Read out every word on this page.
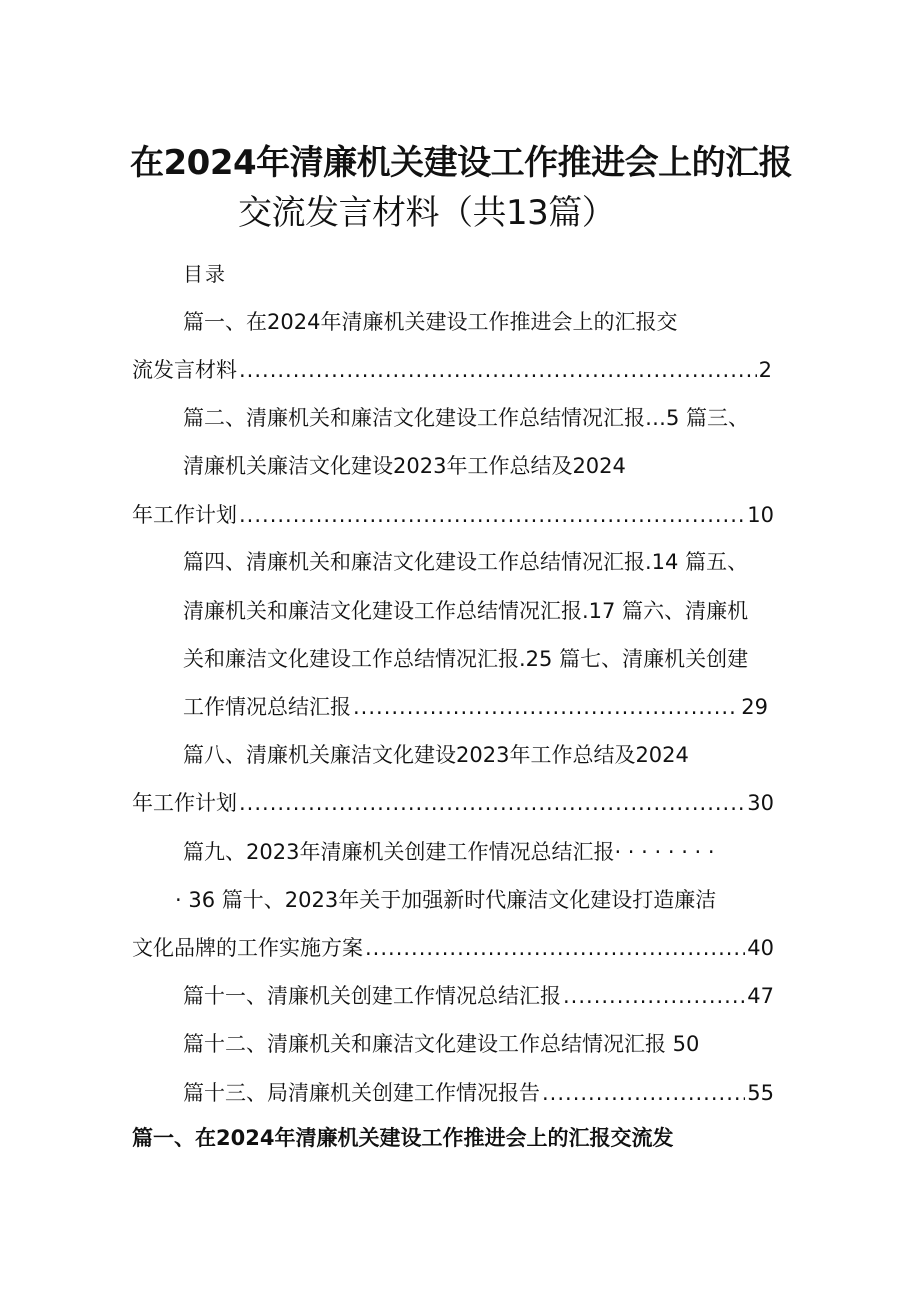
在2024年清廉机关建设工作推进会上的汇报
交流发言材料（共13篇）
目录
篇一、在2024年清廉机关建设工作推进会上的汇报交
流发言材料 .....	2
篇二、清廉机关和廉洁文化建设工作总结情况汇报…5 篇三、
清廉机关廉洁文化建设2023年工作总结及2024
年工作计划 .....	10
篇四、清廉机关和廉洁文化建设工作总结情况汇报.14 篇五、
清廉机关和廉洁文化建设工作总结情况汇报.17 篇六、清廉机
关和廉洁文化建设工作总结情况汇报.25 篇七、清廉机关创建
工作情况总结汇报 .....	29
篇八、清廉机关廉洁文化建设2023年工作总结及2024
年工作计划 .....	30
篇九、2023年清廉机关创建工作情况总结汇报· · · · · · · ·
· 36 篇十、2023年关于加强新时代廉洁文化建设打造廉洁
文化品牌的工作实施方案 .....	40
篇十一、清廉机关创建工作情况总结汇报 .....	47
篇十二、清廉机关和廉洁文化建设工作总结情况汇报 50
篇十三、局清廉机关创建工作情况报告 .....	55
篇一、在2024年清廉机关建设工作推进会上的汇报交流发
